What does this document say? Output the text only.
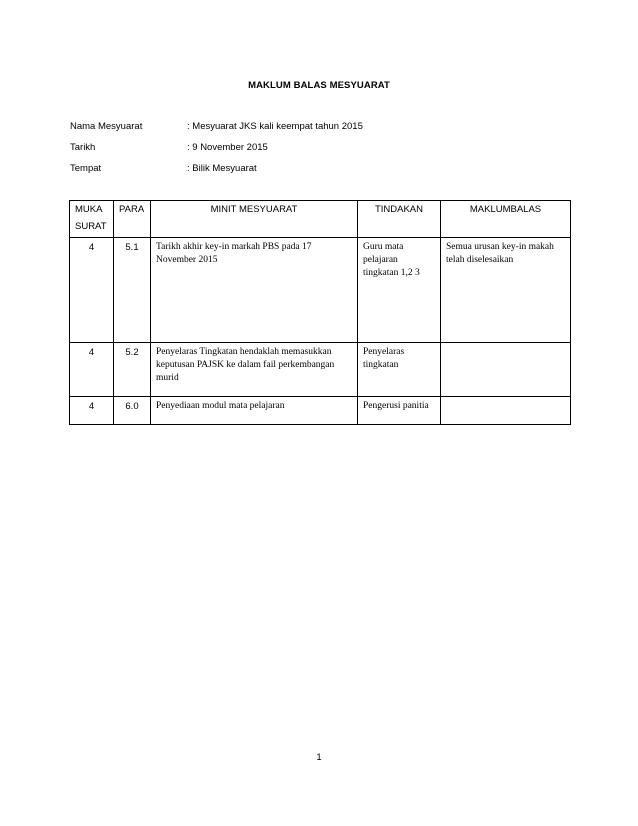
MAKLUM BALAS MESYUARAT
Nama Mesyuarat	: Mesyuarat JKS kali keempat tahun 2015
Tarikh	: 9 November 2015
Tempat	: Bilik Mesyuarat
MUKA
SURAT	PARA	MINIT MESYUARAT	TINDAKAN	MAKLUMBALAS
4	5.1	Tarikh akhir key-in markah PBS pada 17 November 2015	Guru mata pelajaran tingkatan 1,2 3	Semua urusan key-in makah telah diselesaikan
4	5.2	Penyelaras Tingkatan hendaklah memasukkan keputusan PAJSK ke dalam fail perkembangan murid	Penyelaras tingkatan	
4	6.0	Penyediaan modul mata pelajaran	Pengerusi panitia	
1
